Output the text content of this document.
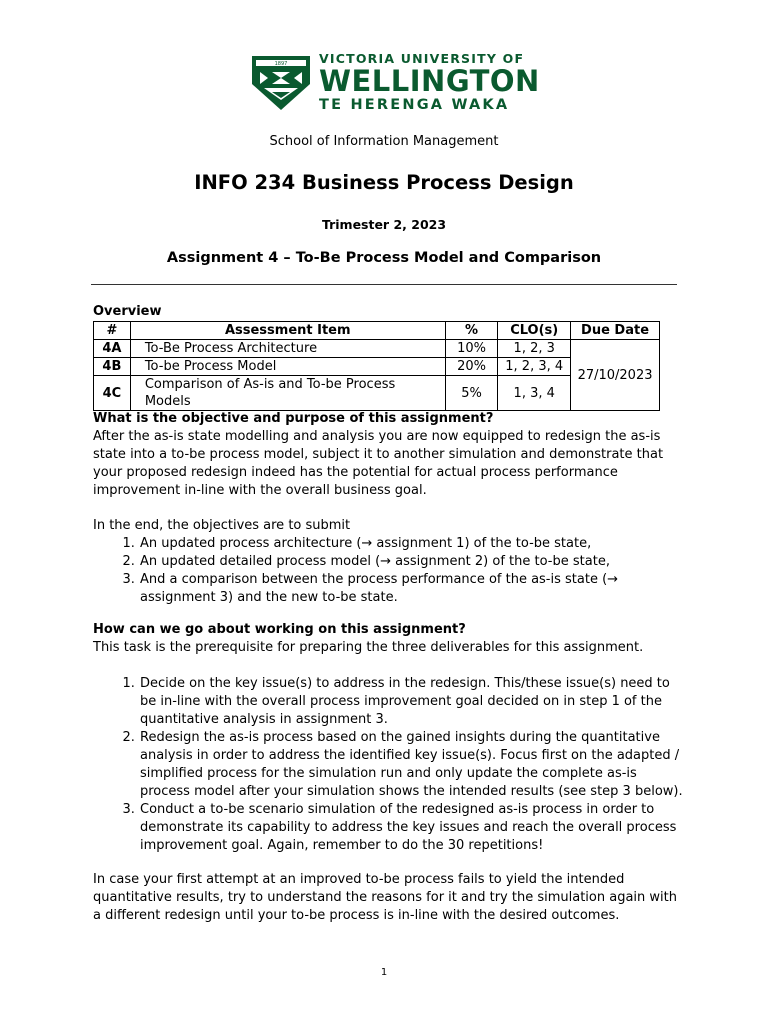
1897	VICTORIA UNIVERSITY OF
WELLINGTON
TE HERENGA WAKA
School of Information Management
INFO 234 Business Process Design
Trimester 2, 2023
Assignment 4 – To-Be Process Model and Comparison
Overview
#	Assessment Item	%	CLO(s)	Due Date
4A	To-Be Process Architecture	10%	1, 2, 3	27/10/2023
4B	To-be Process Model	20%	1, 2, 3, 4	
4C	Comparison of As-is and To-be Process Models	5%	1, 3, 4	
What is the objective and purpose of this assignment?
After the as-is state modelling and analysis you are now equipped to redesign the as-is state into a to-be process model, subject it to another simulation and demonstrate that your proposed redesign indeed has the potential for actual process performance improvement in-line with the overall business goal.
In the end, the objectives are to submit
1. An updated process architecture (→ assignment 1) of the to-be state,
2. An updated detailed process model (→ assignment 2) of the to-be state,
3. And a comparison between the process performance of the as-is state (→ assignment 3) and the new to-be state.
How can we go about working on this assignment?
This task is the prerequisite for preparing the three deliverables for this assignment.
1. Decide on the key issue(s) to address in the redesign. This/these issue(s) need to be in-line with the overall process improvement goal decided on in step 1 of the quantitative analysis in assignment 3.
2. Redesign the as-is process based on the gained insights during the quantitative analysis in order to address the identified key issue(s). Focus first on the adapted / simplified process for the simulation run and only update the complete as-is process model after your simulation shows the intended results (see step 3 below).
3. Conduct a to-be scenario simulation of the redesigned as-is process in order to demonstrate its capability to address the key issues and reach the overall process improvement goal. Again, remember to do the 30 repetitions!
In case your first attempt at an improved to-be process fails to yield the intended quantitative results, try to understand the reasons for it and try the simulation again with a different redesign until your to-be process is in-line with the desired outcomes.
1
